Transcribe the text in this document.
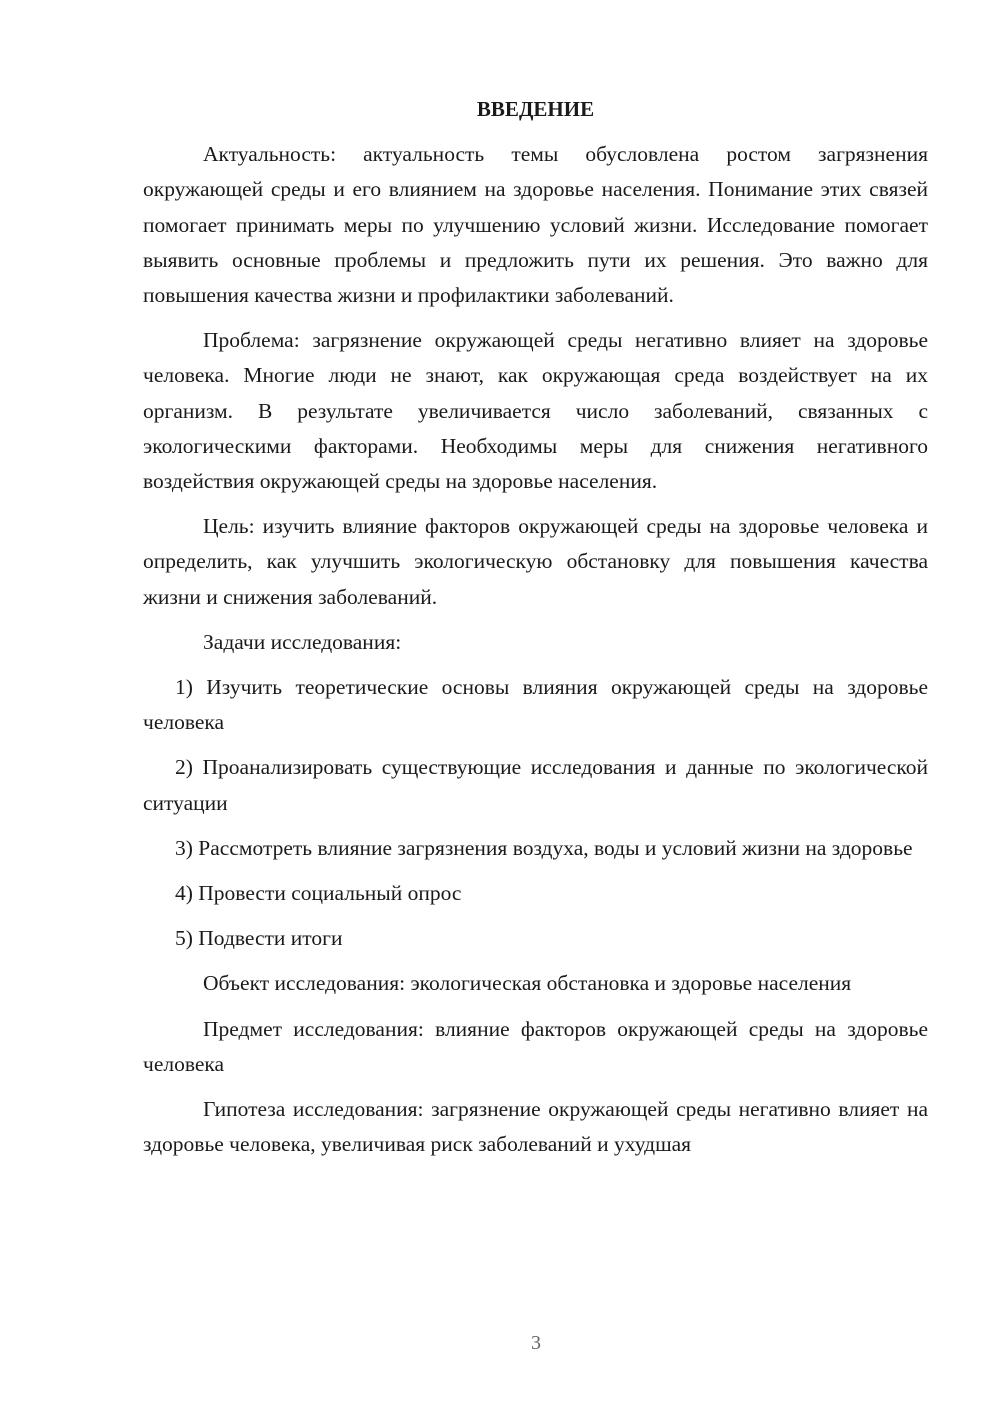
ВВЕДЕНИЕ

Актуальность: актуальность темы обусловлена ростом загрязнения окружающей среды и его влиянием на здоровье населения. Понимание этих связей помогает принимать меры по улучшению условий жизни. Исследование помогает выявить основные проблемы и предложить пути их решения. Это важно для повышения качества жизни и профилактики заболеваний.

Проблема: загрязнение окружающей среды негативно влияет на здоровье человека. Многие люди не знают, как окружающая среда воздействует на их организм. В результате увеличивается число заболеваний, связанных с экологическими факторами. Необходимы меры для снижения негативного воздействия окружающей среды на здоровье населения.

Цель: изучить влияние факторов окружающей среды на здоровье человека и определить, как улучшить экологическую обстановку для повышения качества жизни и снижения заболеваний.

Задачи исследования:

1) Изучить теоретические основы влияния окружающей среды на здоровье человека

2) Проанализировать существующие исследования и данные по экологической ситуации

3) Рассмотреть влияние загрязнения воздуха, воды и условий жизни на здоровье

4) Провести социальный опрос

5) Подвести итоги

Объект исследования: экологическая обстановка и здоровье населения

Предмет исследования: влияние факторов окружающей среды на здоровье человека

Гипотеза исследования: загрязнение окружающей среды негативно влияет на здоровье человека, увеличивая риск заболеваний и ухудшая

3
